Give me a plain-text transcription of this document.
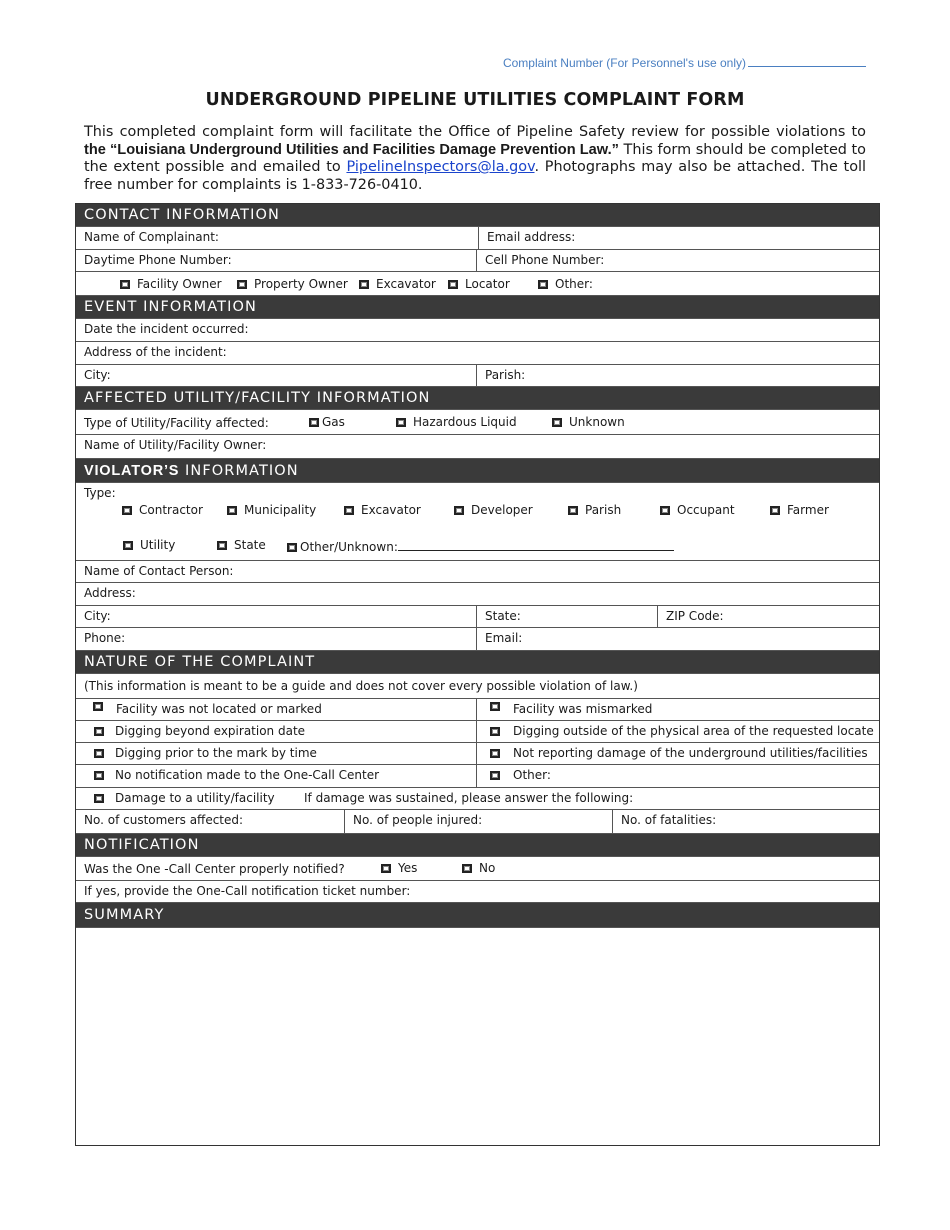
Complaint Number (For Personnel's use only)
UNDERGROUND PIPELINE UTILITIES COMPLAINT FORM
This completed complaint form will facilitate the Office of Pipeline Safety review for possible violations to the “Louisiana Underground Utilities and Facilities Damage Prevention Law.” This form should be completed to the extent possible and emailed to PipelineInspectors@la.gov. Photographs may also be attached. The toll free number for complaints is 1-833-726-0410.
CONTACT INFORMATION
Name of Complainant:	Email address:
Daytime Phone Number:	Cell Phone Number:
Facility Owner	Property Owner	Excavator	Locator	Other:
EVENT INFORMATION
Date the incident occurred:
Address of the incident:
City:	Parish:
AFFECTED UTILITY/FACILITY INFORMATION
Type of Utility/Facility affected:	Gas	Hazardous Liquid	Unknown
Name of Utility/Facility Owner:
VIOLATOR’S INFORMATION
Type:
Contractor	Municipality	Excavator	Developer	Parish	Occupant	Farmer
Utility	State	Other/Unknown:
Name of Contact Person:
Address:
City:	State:	ZIP Code:
Phone:	Email:
NATURE OF THE COMPLAINT
(This information is meant to be a guide and does not cover every possible violation of law.)
Facility was not located or marked	Facility was mismarked
Digging beyond expiration date	Digging outside of the physical area of the requested locate
Digging prior to the mark by time	Not reporting damage of the underground utilities/facilities
No notification made to the One-Call Center	Other:
Damage to a utility/facility	If damage was sustained, please answer the following:
No. of customers affected:	No. of people injured:	No. of fatalities:
NOTIFICATION
Was the One -Call Center properly notified?	Yes	No
If yes, provide the One-Call notification ticket number:
SUMMARY
